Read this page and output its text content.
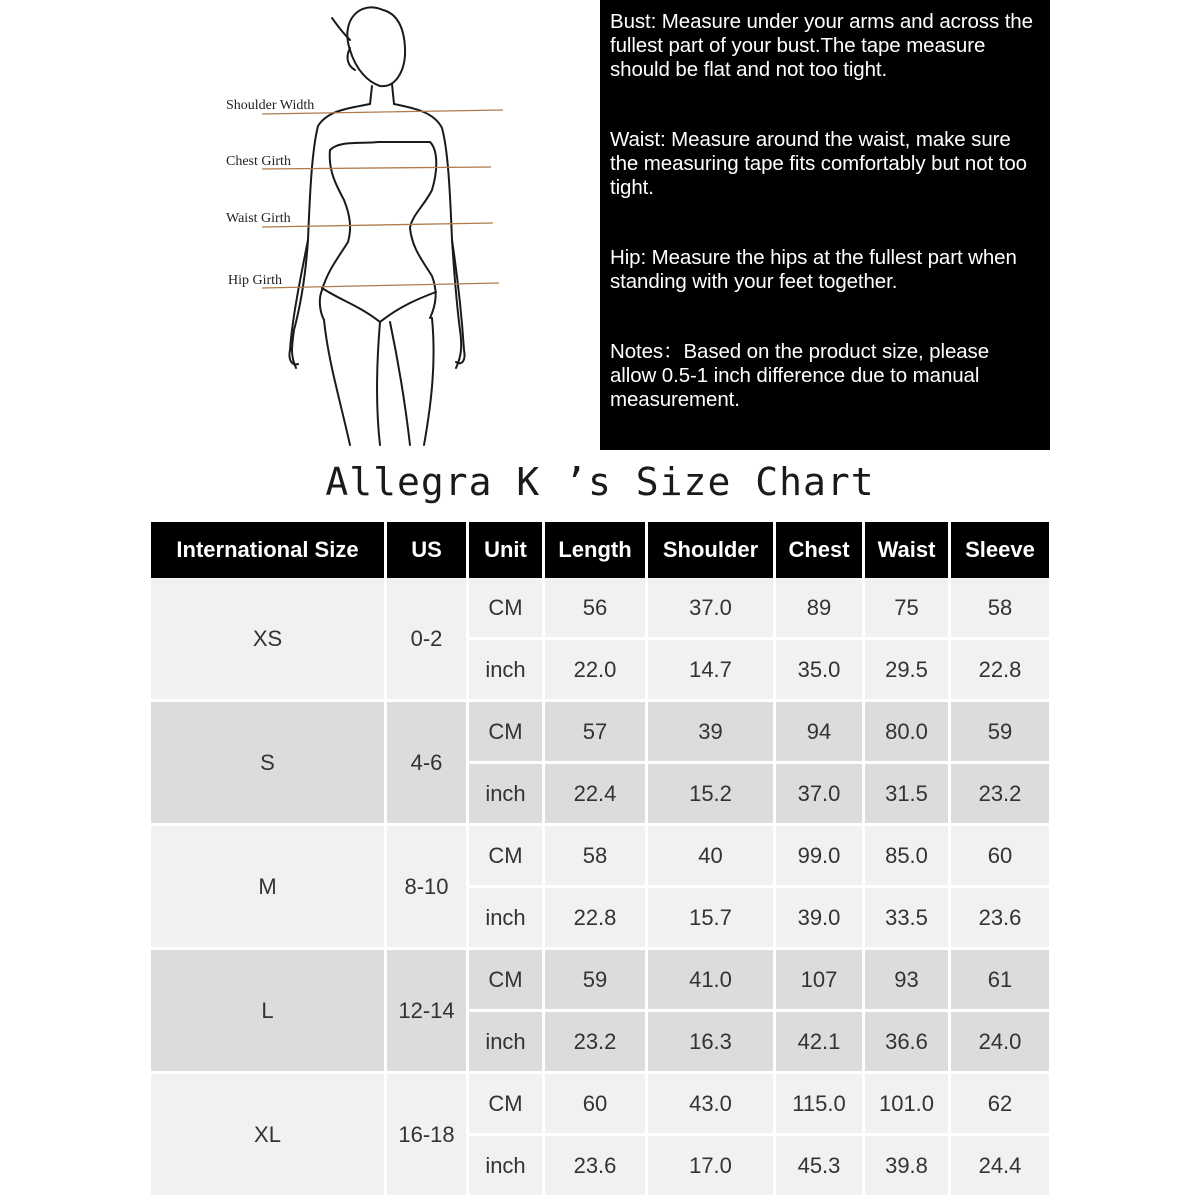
Shoulder Width
Chest Girth
Waist Girth
Hip Girth

Bust: Measure under your arms and across the fullest part of your bust.The tape measure should be flat and not too tight.

Waist: Measure around the waist, make sure the measuring tape fits comfortably but not too tight.

Hip: Measure the hips at the fullest part when standing with your feet together.

Notes：Based on the product size, please allow 0.5-1 inch difference due to manual measurement.

Allegra K ’s Size Chart
International Size	US	Unit	Length	Shoulder	Chest	Waist	Sleeve
XS	0-2	CM	56	37.0	89	75	58
		inch	22.0	14.7	35.0	29.5	22.8
S	4-6	CM	57	39	94	80.0	59
		inch	22.4	15.2	37.0	31.5	23.2
M	8-10	CM	58	40	99.0	85.0	60
		inch	22.8	15.7	39.0	33.5	23.6
L	12-14	CM	59	41.0	107	93	61
		inch	23.2	16.3	42.1	36.6	24.0
XL	16-18	CM	60	43.0	115.0	101.0	62
		inch	23.6	17.0	45.3	39.8	24.4
